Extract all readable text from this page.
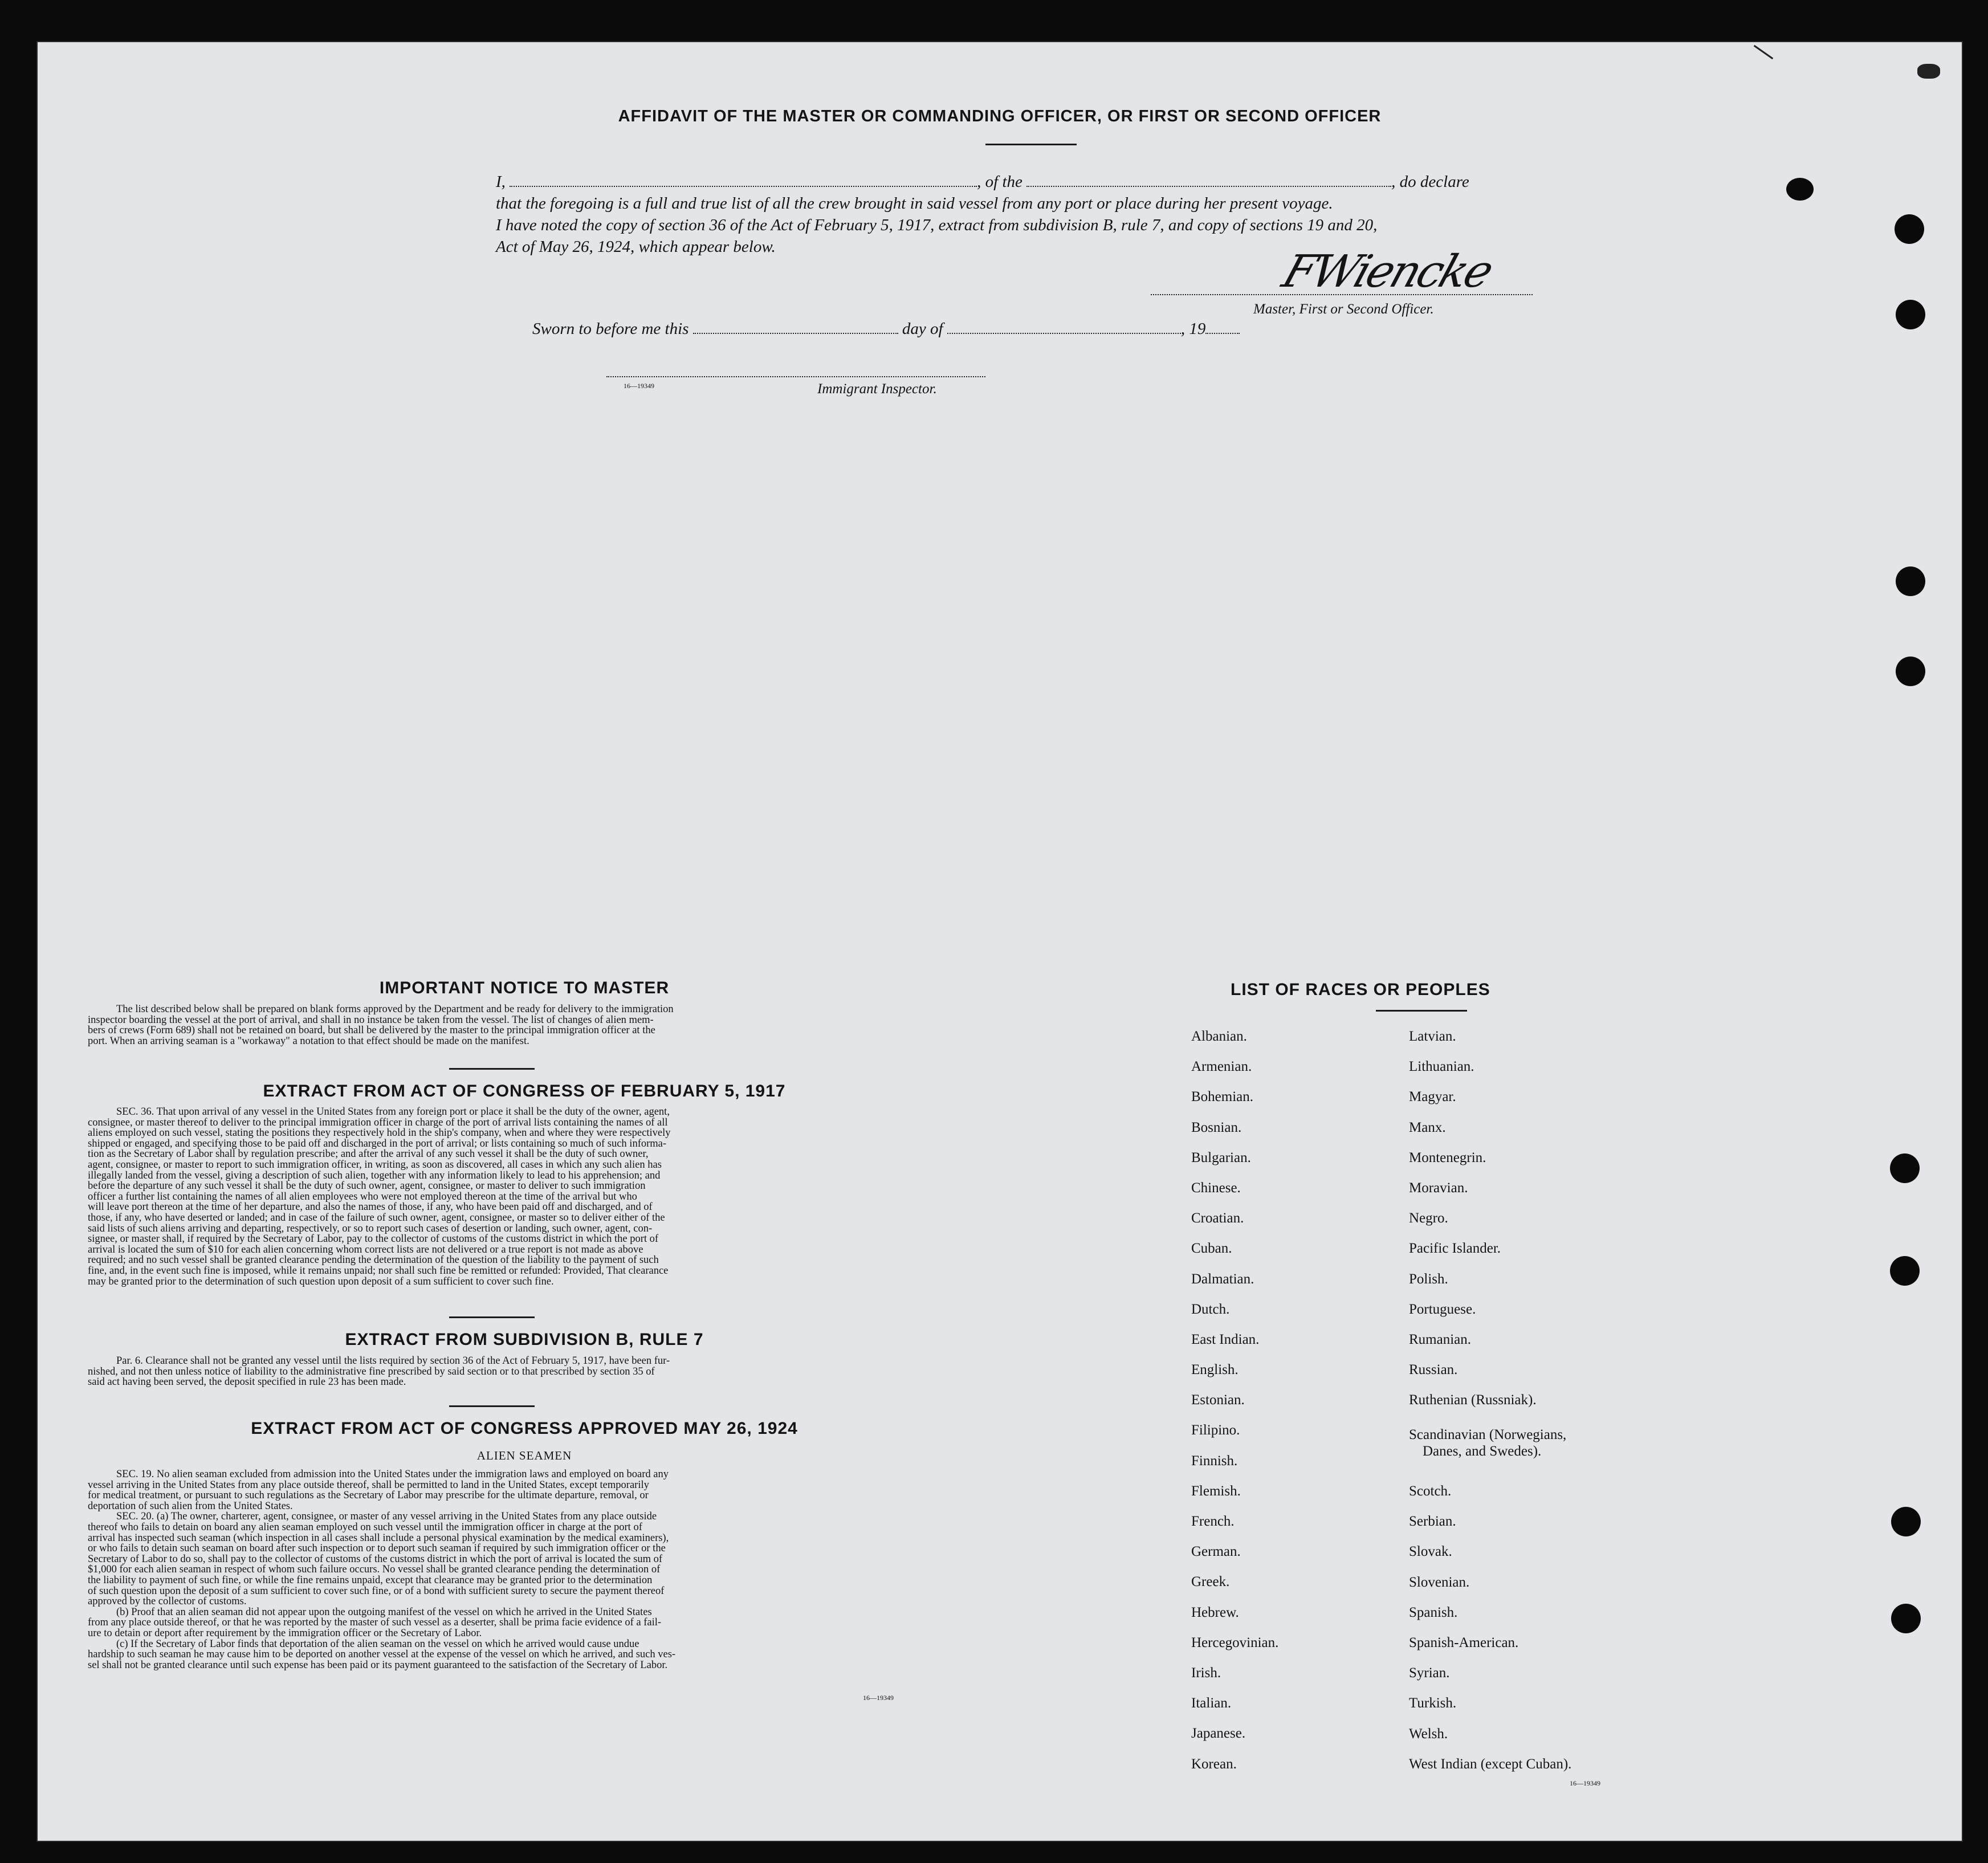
AFFIDAVIT OF THE MASTER OR COMMANDING OFFICER, OR FIRST OR SECOND OFFICER
I,	, of the	, do declare
that the foregoing is a full and true list of all the crew brought in said vessel from any port or place during her present voyage.
I have noted the copy of section 36 of the Act of February 5, 1917, extract from subdivision B, rule 7, and copy of sections 19 and 20,
Act of May 26, 1924, which appear below.	FWiencke
Master, First or Second Officer.
Sworn to before me this	day of	, 19
16—19349	Immigrant Inspector.
IMPORTANT NOTICE TO MASTER
The list described below shall be prepared on blank forms approved by the Department and be ready for delivery to the immigration
inspector boarding the vessel at the port of arrival, and shall in no instance be taken from the vessel. The list of changes of alien mem-
bers of crews (Form 689) shall not be retained on board, but shall be delivered by the master to the principal immigration officer at the
port. When an arriving seaman is a "workaway" a notation to that effect should be made on the manifest.
EXTRACT FROM ACT OF CONGRESS OF FEBRUARY 5, 1917
SEC. 36. That upon arrival of any vessel in the United States from any foreign port or place it shall be the duty of the owner, agent,
consignee, or master thereof to deliver to the principal immigration officer in charge of the port of arrival lists containing the names of all
aliens employed on such vessel, stating the positions they respectively hold in the ship's company, when and where they were respectively
shipped or engaged, and specifying those to be paid off and discharged in the port of arrival; or lists containing so much of such informa-
tion as the Secretary of Labor shall by regulation prescribe; and after the arrival of any such vessel it shall be the duty of such owner,
agent, consignee, or master to report to such immigration officer, in writing, as soon as discovered, all cases in which any such alien has
illegally landed from the vessel, giving a description of such alien, together with any information likely to lead to his apprehension; and
before the departure of any such vessel it shall be the duty of such owner, agent, consignee, or master to deliver to such immigration
officer a further list containing the names of all alien employees who were not employed thereon at the time of the arrival but who
will leave port thereon at the time of her departure, and also the names of those, if any, who have been paid off and discharged, and of
those, if any, who have deserted or landed; and in case of the failure of such owner, agent, consignee, or master so to deliver either of the
said lists of such aliens arriving and departing, respectively, or so to report such cases of desertion or landing, such owner, agent, con-
signee, or master shall, if required by the Secretary of Labor, pay to the collector of customs of the customs district in which the port of
arrival is located the sum of $10 for each alien concerning whom correct lists are not delivered or a true report is not made as above
required; and no such vessel shall be granted clearance pending the determination of the question of the liability to the payment of such
fine, and, in the event such fine is imposed, while it remains unpaid; nor shall such fine be remitted or refunded: Provided, That clearance
may be granted prior to the determination of such question upon deposit of a sum sufficient to cover such fine.
EXTRACT FROM SUBDIVISION B, RULE 7
Par. 6. Clearance shall not be granted any vessel until the lists required by section 36 of the Act of February 5, 1917, have been fur-
nished, and not then unless notice of liability to the administrative fine prescribed by said section or to that prescribed by section 35 of
said act having been served, the deposit specified in rule 23 has been made.
EXTRACT FROM ACT OF CONGRESS APPROVED MAY 26, 1924
ALIEN SEAMEN
SEC. 19. No alien seaman excluded from admission into the United States under the immigration laws and employed on board any
vessel arriving in the United States from any place outside thereof, shall be permitted to land in the United States, except temporarily
for medical treatment, or pursuant to such regulations as the Secretary of Labor may prescribe for the ultimate departure, removal, or
deportation of such alien from the United States.
SEC. 20. (a) The owner, charterer, agent, consignee, or master of any vessel arriving in the United States from any place outside
thereof who fails to detain on board any alien seaman employed on such vessel until the immigration officer in charge at the port of
arrival has inspected such seaman (which inspection in all cases shall include a personal physical examination by the medical examiners),
or who fails to detain such seaman on board after such inspection or to deport such seaman if required by such immigration officer or the
Secretary of Labor to do so, shall pay to the collector of customs of the customs district in which the port of arrival is located the sum of
$1,000 for each alien seaman in respect of whom such failure occurs. No vessel shall be granted clearance pending the determination of
the liability to payment of such fine, or while the fine remains unpaid, except that clearance may be granted prior to the determination
of such question upon the deposit of a sum sufficient to cover such fine, or of a bond with sufficient surety to secure the payment thereof
approved by the collector of customs.
(b) Proof that an alien seaman did not appear upon the outgoing manifest of the vessel on which he arrived in the United States
from any place outside thereof, or that he was reported by the master of such vessel as a deserter, shall be prima facie evidence of a fail-
ure to detain or deport after requirement by the immigration officer or the Secretary of Labor.
(c) If the Secretary of Labor finds that deportation of the alien seaman on the vessel on which he arrived would cause undue
hardship to such seaman he may cause him to be deported on another vessel at the expense of the vessel on which he arrived, and such ves-
sel shall not be granted clearance until such expense has been paid or its payment guaranteed to the satisfaction of the Secretary of Labor.
16—19349
LIST OF RACES OR PEOPLES
Albanian.
Armenian.
Bohemian.
Bosnian.
Bulgarian.
Chinese.
Croatian.
Cuban.
Dalmatian.
Dutch.
East Indian.
English.
Estonian.
Filipino.
Finnish.
Flemish.
French.
German.
Greek.
Hebrew.
Hercegovinian.
Irish.
Italian.
Japanese.
Korean.
Latvian.
Lithuanian.
Magyar.
Manx.
Montenegrin.
Moravian.
Negro.
Pacific Islander.
Polish.
Portuguese.
Rumanian.
Russian.
Ruthenian (Russniak).
Scandinavian (Norwegians,
Danes, and Swedes).
Scotch.
Serbian.
Slovak.
Slovenian.
Spanish.
Spanish-American.
Syrian.
Turkish.
Welsh.
West Indian (except Cuban).
16—19349
